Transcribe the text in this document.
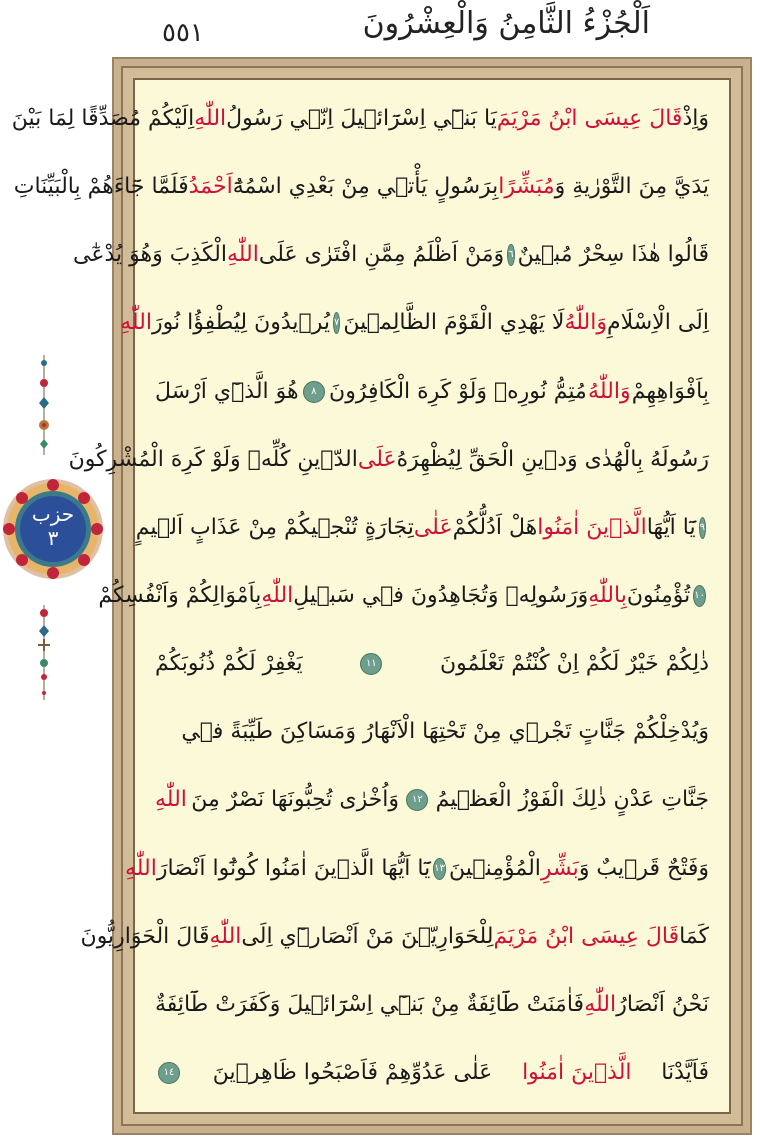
٥٥١	اَلْجُزْءُ الثَّامِنُ وَالْعِشْرُونَ
حزب
٣
وَاِذْ
قَالَ عِيسَى ابْنُ مَرْيَمَ
يَا بَنٖٓي اِسْرَٓائٖيلَ اِنّٖي رَسُولُ
اللّٰهِ
اِلَيْكُمْ مُصَدِّقًا لِمَا بَيْنَ
يَدَيَّ مِنَ التَّوْرٰيةِ وَ
مُبَشِّرًا
بِرَسُولٍ يَأْتٖي مِنْ بَعْدِي اسْمُهُٓ
اَحْمَدُ
فَلَمَّا جَٓاءَهُمْ بِالْبَيِّنَاتِ
قَالُوا هٰذَا سِحْرٌ مُبٖينٌ
٦
وَمَنْ اَظْلَمُ مِمَّنِ افْتَرٰى عَلَى
اللّٰهِ
الْكَذِبَ وَهُوَ يُدْعٰٓى
اِلَى الْاِسْلَامِ
وَاللّٰهُ
لَا يَهْدِي الْقَوْمَ الظَّالِمٖينَ
٧
يُرٖيدُونَ لِيُطْفِؤُا نُورَ
اللّٰهِ
بِاَفْوَاهِهِمْ
وَاللّٰهُ
مُتِمُّ نُورِهٖ وَلَوْ كَرِهَ الْكَافِرُونَ
٨
هُوَ الَّذٖٓي اَرْسَلَ
رَسُولَهُ بِالْهُدٰى وَدٖينِ الْحَقِّ لِيُظْهِرَهُ
عَلَى
الدّٖينِ كُلِّهٖ وَلَوْ كَرِهَ الْمُشْرِكُونَ
٩
يَٓا اَيُّهَا
الَّذٖينَ اٰمَنُوا
هَلْ اَدُلُّكُمْ
عَلٰى
تِجَارَةٍ تُنْجٖيكُمْ مِنْ عَذَابٍ اَلٖيمٍ
١٠
تُؤْمِنُونَ
بِاللّٰهِ
وَرَسُولِهٖ وَتُجَاهِدُونَ فٖي سَبٖيلِ
اللّٰهِ
بِاَمْوَالِكُمْ وَاَنْفُسِكُمْ
ذٰلِكُمْ خَيْرٌ لَكُمْ اِنْ كُنْتُمْ تَعْلَمُونَ
١١
يَغْفِرْ لَكُمْ ذُنُوبَكُمْ
وَيُدْخِلْكُمْ جَنَّاتٍ تَجْرٖي مِنْ تَحْتِهَا الْاَنْهَارُ وَمَسَاكِنَ طَيِّبَةً فٖي
جَنَّاتِ عَدْنٍ ذٰلِكَ الْفَوْزُ الْعَظٖيمُ
١٢
وَاُخْرٰى تُحِبُّونَهَا نَصْرٌ مِنَ
اللّٰهِ
وَفَتْحٌ قَرٖيبٌ وَ
بَشِّرِ
الْمُؤْمِنٖينَ
١٣
يَٓا اَيُّهَا الَّذٖينَ اٰمَنُوا كُونُٓوا اَنْصَارَ
اللّٰهِ
كَمَا
قَالَ عِيسَى ابْنُ مَرْيَمَ
لِلْحَوَارِيّٖنَ مَنْ اَنْصَارٖٓي اِلَى
اللّٰهِ
قَالَ الْحَوَارِيُّونَ
نَحْنُ اَنْصَارُ
اللّٰهِ
فَاٰمَنَتْ طَٓائِفَةٌ مِنْ بَنٖٓي اِسْرَٓائٖيلَ وَكَفَرَتْ طَٓائِفَةٌ
فَاَيَّدْنَا
الَّذٖينَ اٰمَنُوا
عَلٰى عَدُوِّهِمْ فَاَصْبَحُوا ظَاهِرٖينَ
١٤
